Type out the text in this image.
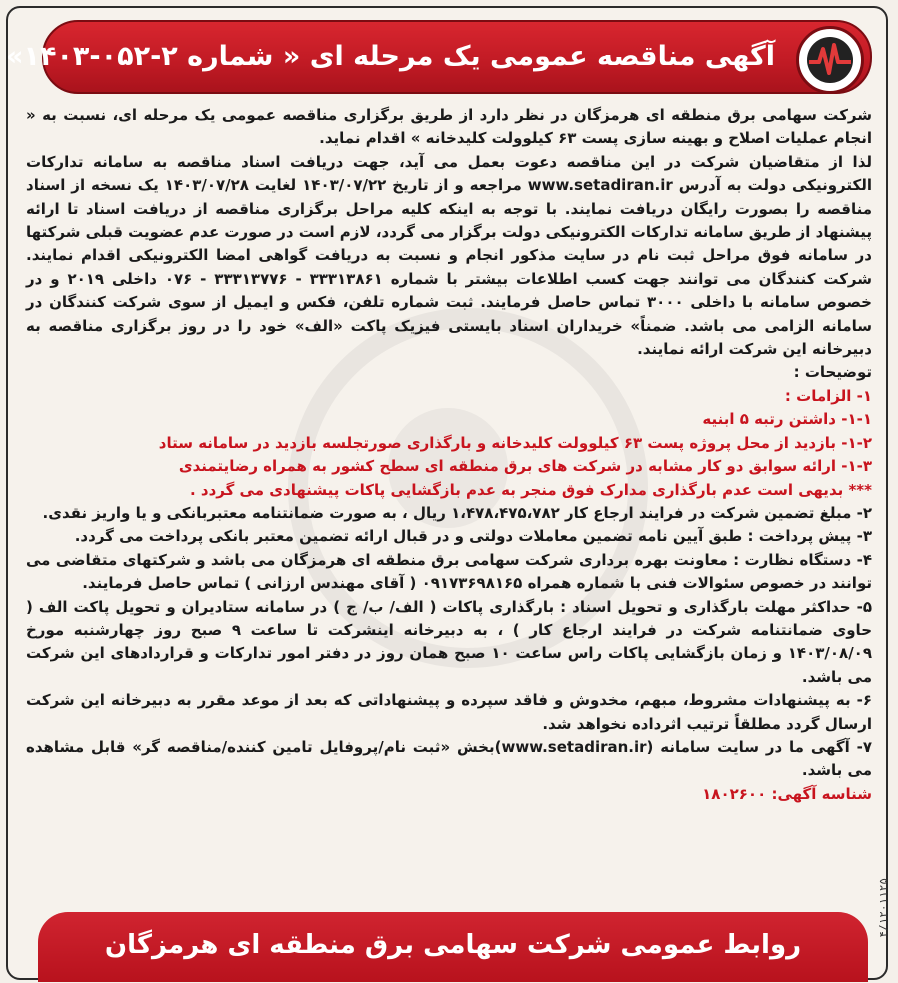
آگهی مناقصه عمومی یک مرحله ای « شماره ۲-۰۵۲-۱۴۰۳»

شرکت سهامی برق منطقه ای هرمزگان در نظر دارد از طریق برگزاری مناقصه عمومی یک مرحله ای، نسبت به « انجام عملیات اصلاح و بهینه سازی پست ۶۳ کیلوولت کلیدخانه » اقدام نماید.

لذا از متقاضیان شرکت در این مناقصه دعوت بعمل می آید، جهت دریافت اسناد مناقصه به سامانه تدارکات الکترونیکی دولت به آدرس www.setadiran.ir مراجعه و از تاریخ ۱۴۰۳/۰۷/۲۲ لغایت ۱۴۰۳/۰۷/۲۸ یک نسخه از اسناد مناقصه را بصورت رایگان دریافت نمایند. با توجه به اینکه کلیه مراحل برگزاری مناقصه از دریافت اسناد تا ارائه پیشنهاد از طریق سامانه تدارکات الکترونیکی دولت برگزار می گردد، لازم است در صورت عدم عضویت قبلی شرکتها در سامانه فوق مراحل ثبت نام در سایت مذکور انجام و نسبت به دریافت گواهی امضا الکترونیکی اقدام نمایند. شرکت کنندگان می توانند جهت کسب اطلاعات بیشتر با شماره ۳۳۳۱۳۸۶۱ - ۳۳۳۱۳۷۷۶ - ۰۷۶ داخلی ۲۰۱۹ و در خصوص سامانه با داخلی ۳۰۰۰ تماس حاصل فرمایند. ثبت شماره تلفن، فکس و ایمیل از سوی شرکت کنندگان در سامانه الزامی می باشد. ضمناً» خریداران اسناد بایستی فیزیک پاکت «الف» خود را در روز برگزاری مناقصه به دبیرخانه این شرکت ارائه نمایند.

توضیحات :

۱- الزامات :

۱-۱- داشتن رتبه ۵ ابنیه

۱-۲- بازدید از محل پروژه پست ۶۳ کیلوولت کلیدخانه و بارگذاری صورتجلسه بازدید در سامانه ستاد

۱-۳- ارائه سوابق دو کار مشابه در شرکت های برق منطقه ای سطح کشور به همراه رضایتمندی

*** بدیهی است عدم بارگذاری مدارک فوق منجر به عدم بازگشایی پاکات پیشنهادی می گردد .

۲- مبلغ تضمین شرکت در فرایند ارجاع کار ۱،۴۷۸،۴۷۵،۷۸۲ ریال ، به صورت ضمانتنامه معتبربانکی و یا واریز نقدی.

۳- پیش پرداخت : طبق آیین نامه تضمین معاملات دولتی و در قبال ارائه تضمین معتبر بانکی پرداخت می گردد.

۴- دستگاه نظارت : معاونت بهره برداری شرکت سهامی برق منطقه ای هرمزگان می باشد و شرکتهای متقاضی می توانند در خصوص سئوالات فنی با شماره همراه ۰۹۱۷۳۶۹۸۱۶۵ ( آقای مهندس ارزانی ) تماس حاصل فرمایند.

۵- حداکثر مهلت بارگذاری و تحویل اسناد : بارگذاری پاکات ( الف/ ب/ ج ) در سامانه ستادیران و تحویل پاکت الف ( حاوی ضمانتنامه شرکت در فرایند ارجاع کار ) ، به دبیرخانه اینشرکت تا ساعت ۹ صبح روز چهارشنبه مورخ ۱۴۰۳/۰۸/۰۹ و زمان بازگشایی پاکات راس ساعت ۱۰ صبح همان روز در دفتر امور تدارکات و قراردادهای این شرکت می باشد.

۶- به پیشنهادات مشروط، مبهم، مخدوش و فاقد سپرده و پیشنهاداتی که بعد از موعد مقرر به دبیرخانه این شرکت ارسال گردد مطلقاً ترتیب اثرداده نخواهد شد.

۷- آگهی ما در سایت سامانه (www.setadiran.ir)بخش «ثبت نام/پروفایل تامین کننده/مناقصه گر» قابل مشاهده می باشد.

شناسه آگهی: ۱۸۰۲۶۰۰

روابط عمومی شرکت سهامی برق منطقه ای هرمزگان
۴/۱۲۰۱۱۲۵
